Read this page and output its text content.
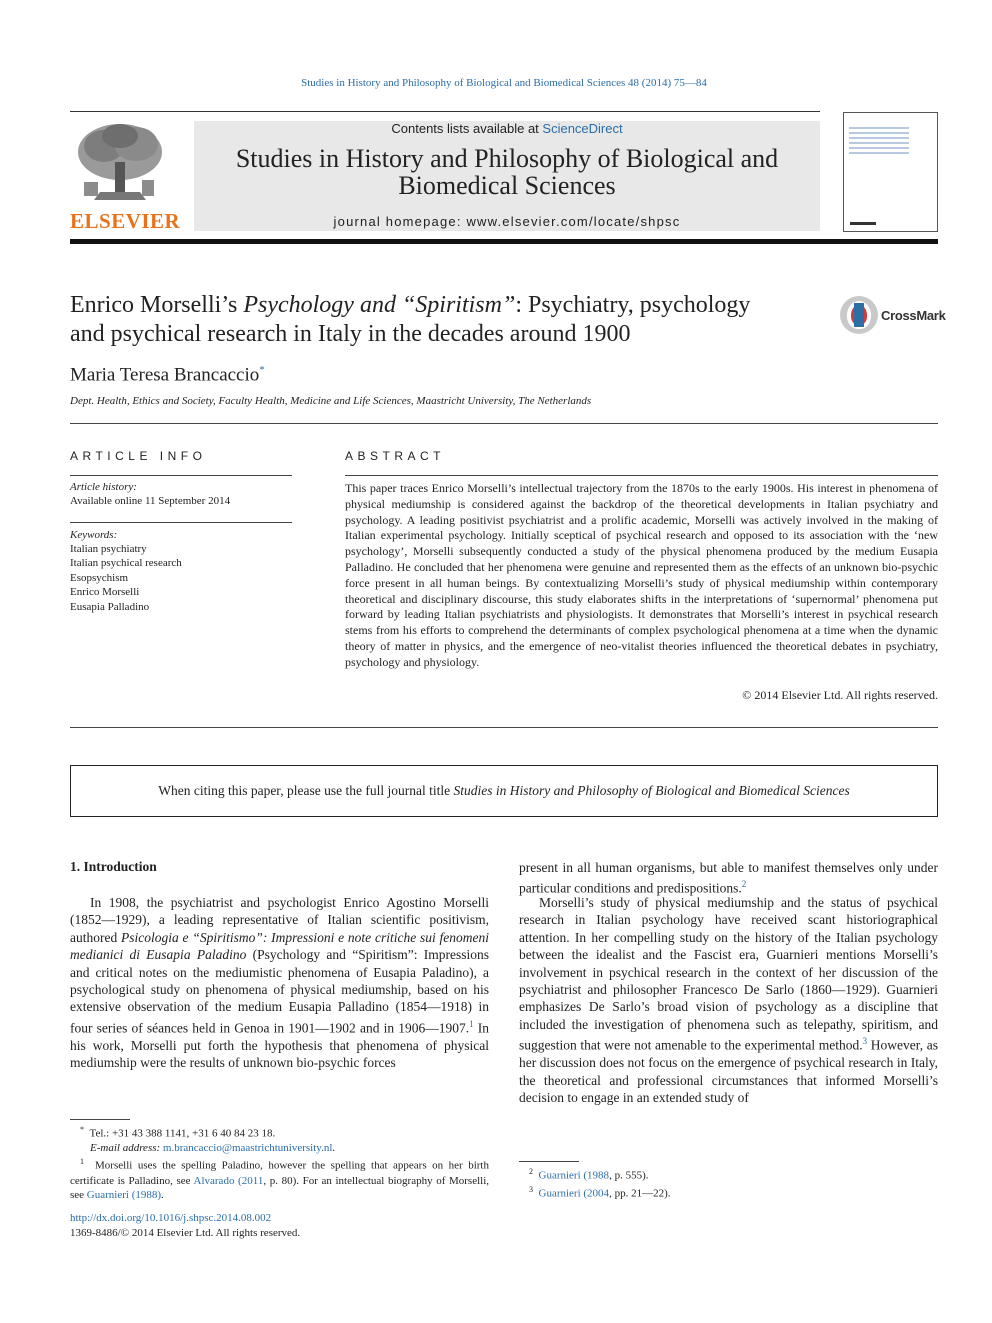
Studies in History and Philosophy of Biological and Biomedical Sciences 48 (2014) 75—84
ELSEVIER
Contents lists available at ScienceDirect
Studies in History and Philosophy of Biological and
Biomedical Sciences
journal homepage: www.elsevier.com/locate/shpsc
Enrico Morselli’s Psychology and “Spiritism”: Psychiatry, psychology
and psychical research in Italy in the decades around 1900
CrossMark
Maria Teresa Brancaccio*
Dept. Health, Ethics and Society, Faculty Health, Medicine and Life Sciences, Maastricht University, The Netherlands
ARTICLE INFO
Article history:
Available online 11 September 2014
Keywords:
Italian psychiatry
Italian psychical research
Esopsychism
Enrico Morselli
Eusapia Palladino
ABSTRACT
This paper traces Enrico Morselli’s intellectual trajectory from the 1870s to the early 1900s. His interest in phenomena of physical mediumship is considered against the backdrop of the theoretical developments in Italian psychiatry and psychology. A leading positivist psychiatrist and a prolific academic, Morselli was actively involved in the making of Italian experimental psychology. Initially sceptical of psychical research and opposed to its association with the ‘new psychology’, Morselli subsequently conducted a study of the physical phenomena produced by the medium Eusapia Palladino. He concluded that her phenomena were genuine and represented them as the effects of an unknown bio-psychic force present in all human beings. By contextualizing Morselli’s study of physical mediumship within contemporary theoretical and disciplinary discourse, this study elaborates shifts in the interpretations of ‘supernormal’ phenomena put forward by leading Italian psychiatrists and physiologists. It demonstrates that Morselli’s interest in psychical research stems from his efforts to comprehend the determinants of complex psychological phenomena at a time when the dynamic theory of matter in physics, and the emergence of neo-vitalist theories influenced the theoretical debates in psychiatry, psychology and physiology.
© 2014 Elsevier Ltd. All rights reserved.
When citing this paper, please use the full journal title Studies in History and Philosophy of Biological and Biomedical Sciences
1. Introduction
In 1908, the psychiatrist and psychologist Enrico Agostino Morselli (1852—1929), a leading representative of Italian scientific positivism, authored Psicologia e “Spiritismo”: Impressioni e note critiche sui fenomeni medianici di Eusapia Paladino (Psychology and “Spiritism”: Impressions and critical notes on the mediumistic phenomena of Eusapia Paladino), a psychological study on phenomena of physical mediumship, based on his extensive observation of the medium Eusapia Palladino (1854—1918) in four series of séances held in Genoa in 1901—1902 and in 1906—1907.$^1$ In his work, Morselli put forth the hypothesis that phenomena of physical mediumship were the results of unknown bio-psychic forces
present in all human organisms, but able to manifest themselves only under particular conditions and predispositions.$^2$
Morselli’s study of physical mediumship and the status of psychical research in Italian psychology have received scant historiographical attention. In her compelling study on the history of the Italian psychology between the idealist and the Fascist era, Guarnieri mentions Morselli’s involvement in psychical research in the context of her discussion of the psychiatrist and philosopher Francesco De Sarlo (1860—1929). Guarnieri emphasizes De Sarlo’s broad vision of psychology as a discipline that included the investigation of phenomena such as telepathy, spiritism, and suggestion that were not amenable to the experimental method.$^3$ However, as her discussion does not focus on the emergence of psychical research in Italy, the theoretical and professional circumstances that informed Morselli’s decision to engage in an extended study of

* Tel.: +31 43 388 1141, +31 6 40 84 23 18.

E-mail address: m.brancaccio@maastrichtuniversity.nl.

$^1$ Morselli uses the spelling Paladino, however the spelling that appears on her birth certificate is Palladino, see Alvarado (2011, p. 80). For an intellectual biography of Morselli, see Guarnieri (1988).

$^2$ Guarnieri (1988, p. 555).

$^3$ Guarnieri (2004, pp. 21—22).

http://dx.doi.org/10.1016/j.shpsc.2014.08.002
1369-8486/© 2014 Elsevier Ltd. All rights reserved.
